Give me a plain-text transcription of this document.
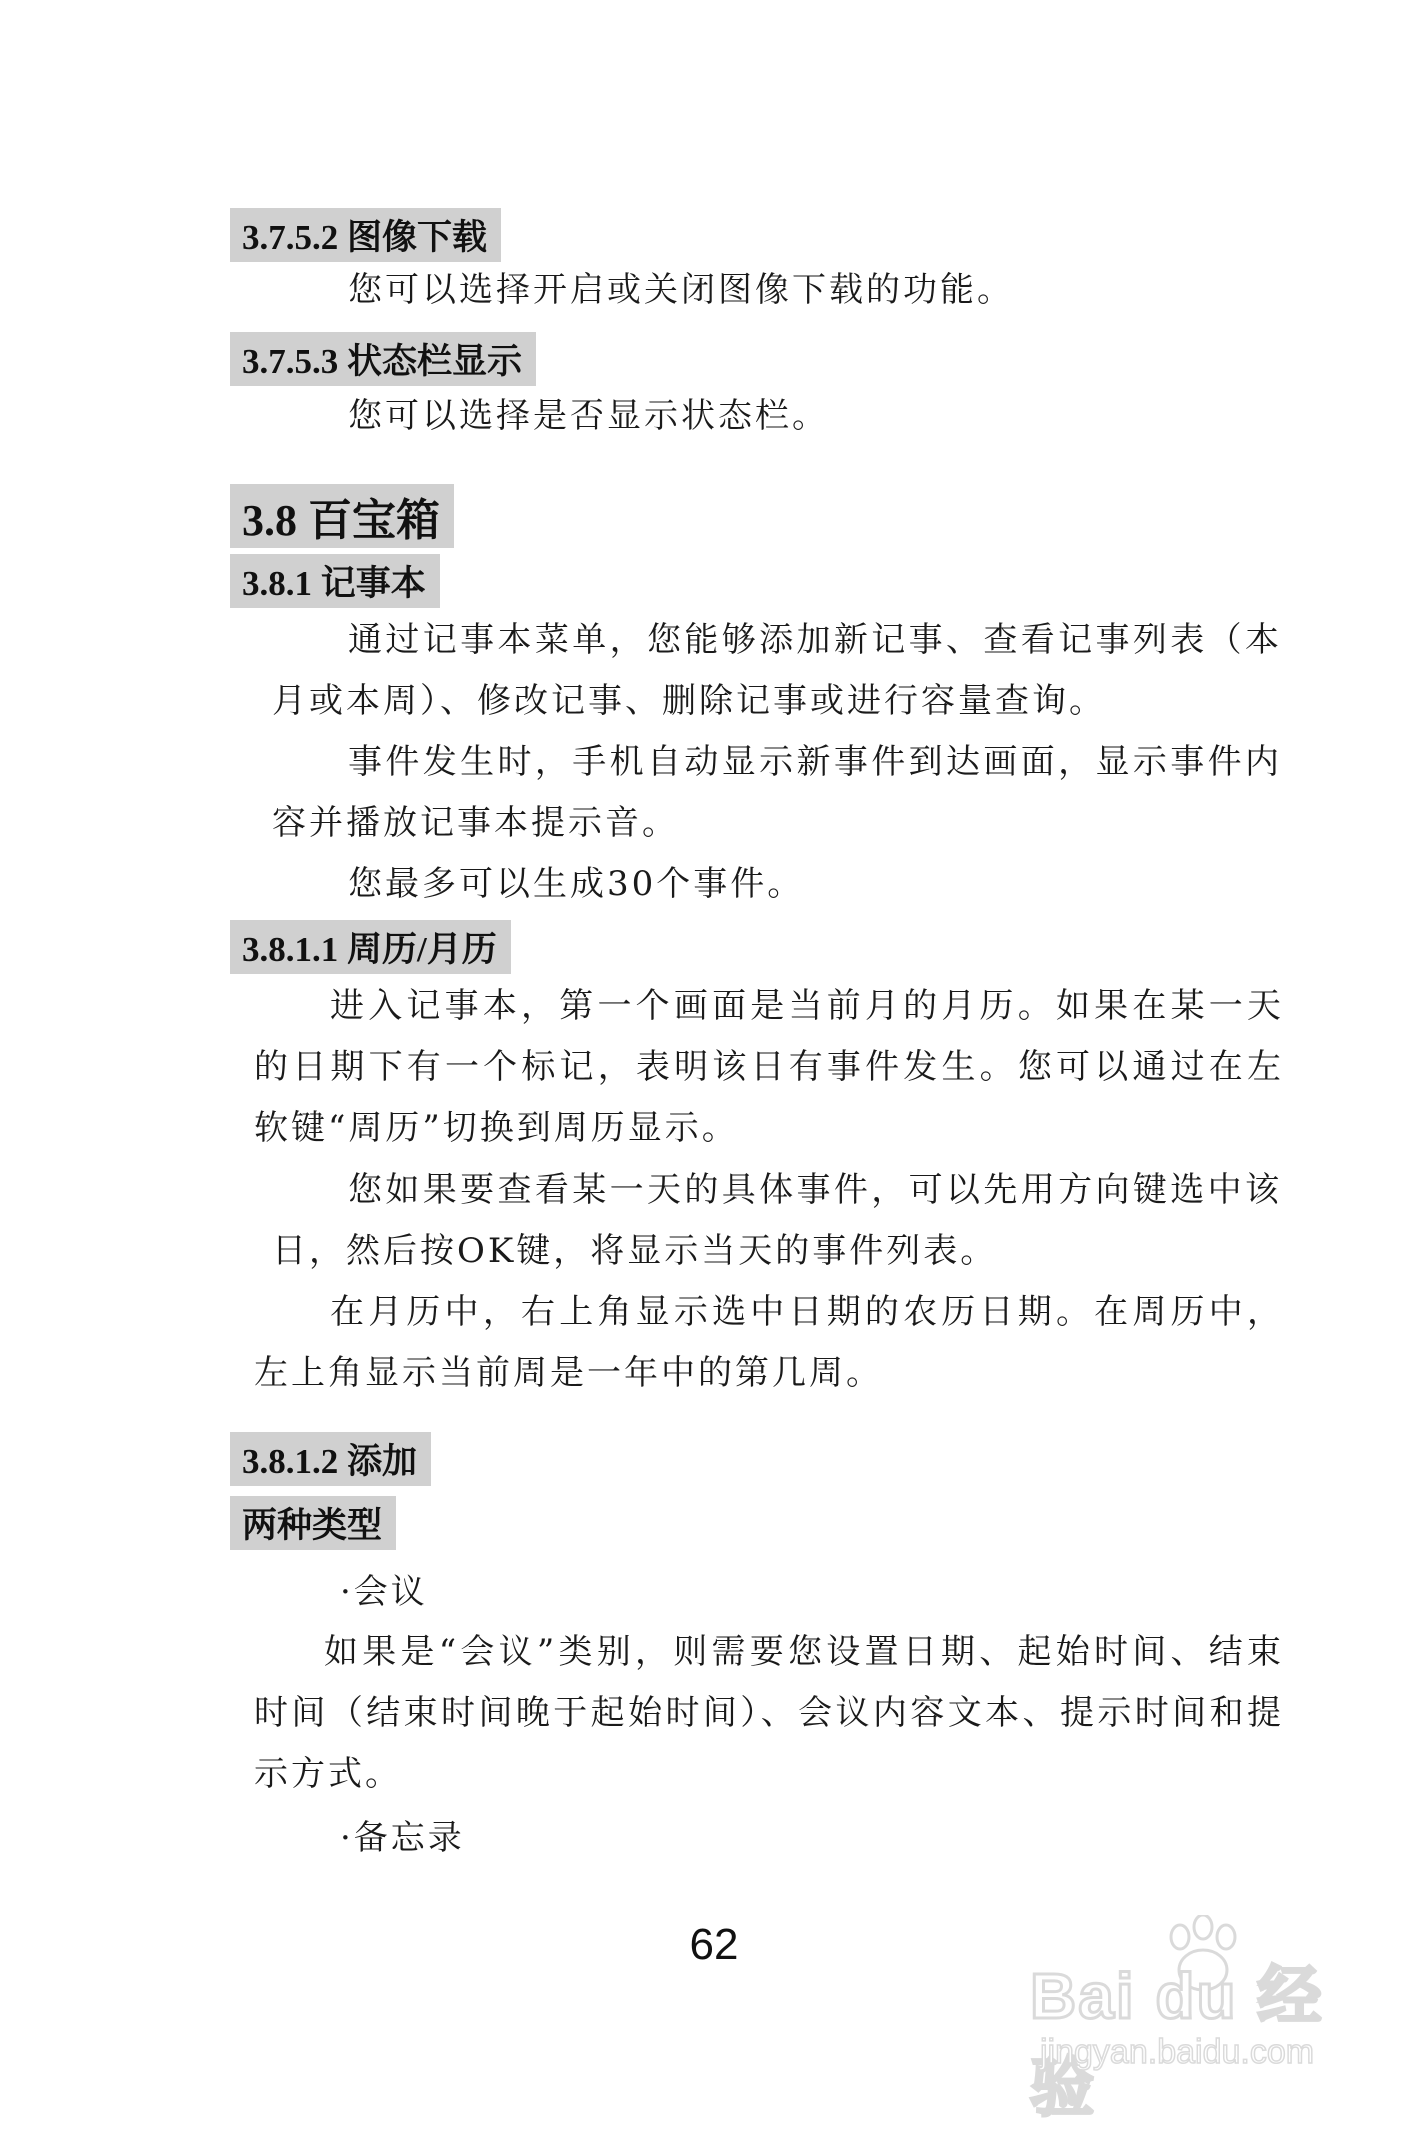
3.7.5.2 图像下载

您可以选择开启或关闭图像下载的功能。

3.7.5.3 状态栏显示

您可以选择是否显示状态栏。

3.8 百宝箱
3.8.1 记事本

通过记事本菜单，您能够添加新记事、查看记事列表（本月或本周）、修改记事、删除记事或进行容量查询。

事件发生时，手机自动显示新事件到达画面，显示事件内容并播放记事本提示音。

您最多可以生成30个事件。

3.8.1.1 周历/月历

进入记事本，第一个画面是当前月的月历。如果在某一天的日期下有一个标记，表明该日有事件发生。您可以通过在左软键“周历”切换到周历显示。

您如果要查看某一天的具体事件，可以先用方向键选中该日，然后按OK键，将显示当天的事件列表。

在月历中，右上角显示选中日期的农历日期。在周历中，左上角显示当前周是一年中的第几周。

3.8.1.2 添加
两种类型

·会议

如果是“会议”类别，则需要您设置日期、起始时间、结束时间（结束时间晚于起始时间）、会议内容文本、提示时间和提示方式。

·备忘录

62
Bai du 经验
jingyan.baidu.com
